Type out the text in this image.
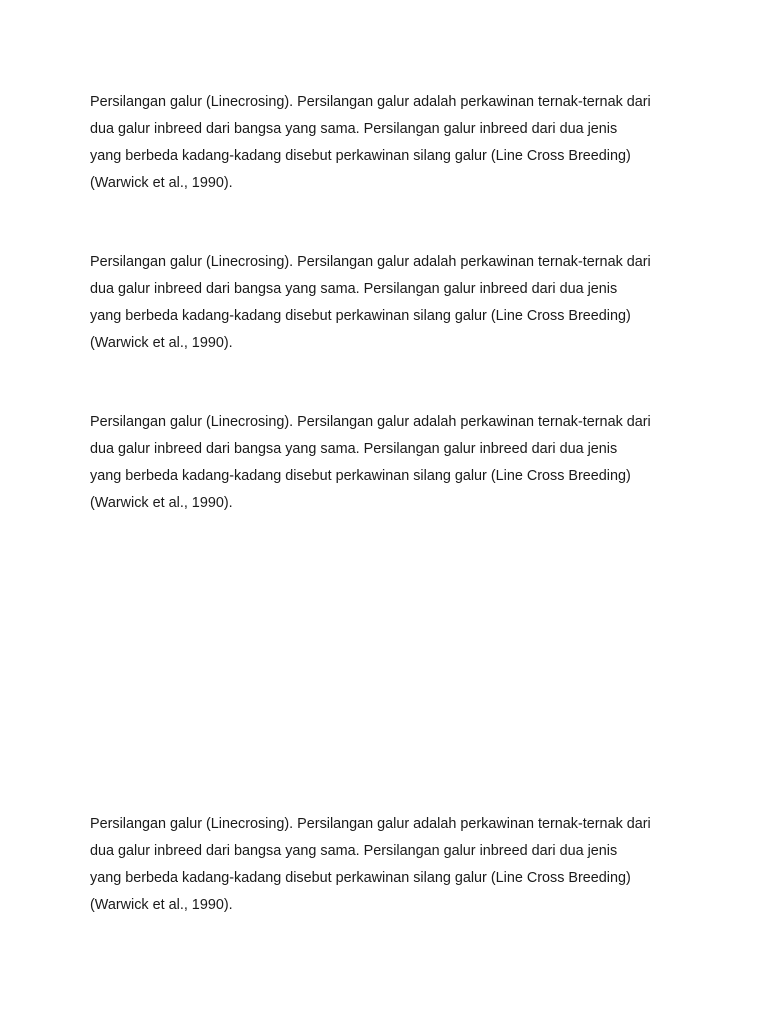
Persilangan galur (Linecrosing). Persilangan galur adalah perkawinan ternak-ternak dari
dua galur inbreed dari bangsa yang sama. Persilangan galur inbreed dari dua jenis
yang berbeda kadang-kadang disebut perkawinan silang galur (Line Cross Breeding)
(Warwick et al., 1990).

Persilangan galur (Linecrosing). Persilangan galur adalah perkawinan ternak-ternak dari
dua galur inbreed dari bangsa yang sama. Persilangan galur inbreed dari dua jenis
yang berbeda kadang-kadang disebut perkawinan silang galur (Line Cross Breeding)
(Warwick et al., 1990).

Persilangan galur (Linecrosing). Persilangan galur adalah perkawinan ternak-ternak dari
dua galur inbreed dari bangsa yang sama. Persilangan galur inbreed dari dua jenis
yang berbeda kadang-kadang disebut perkawinan silang galur (Line Cross Breeding)
(Warwick et al., 1990).

Persilangan galur (Linecrosing). Persilangan galur adalah perkawinan ternak-ternak dari
dua galur inbreed dari bangsa yang sama. Persilangan galur inbreed dari dua jenis
yang berbeda kadang-kadang disebut perkawinan silang galur (Line Cross Breeding)
(Warwick et al., 1990).
